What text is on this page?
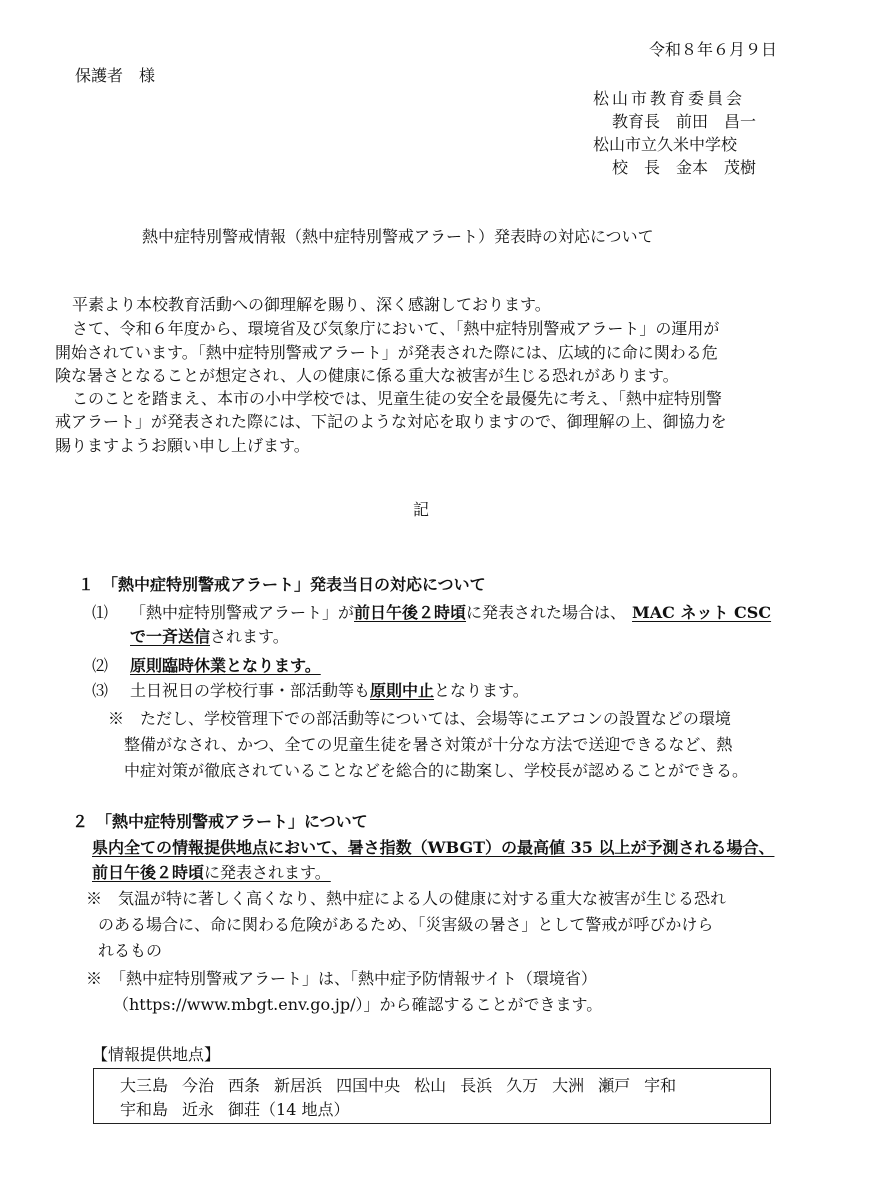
令和８年６月９日
保護者　様
松山市教育委員会
教育長　前田　昌一
松山市立久米中学校
校　長　金本　茂樹
熱中症特別警戒情報（熱中症特別警戒アラート）発表時の対応について
平素より本校教育活動への御理解を賜り、深く感謝しております。
さて、令和６年度から、環境省及び気象庁において、「熱中症特別警戒アラート」の運用が
開始されています。「熱中症特別警戒アラート」が発表された際には、広域的に命に関わる危
険な暑さとなることが想定され、人の健康に係る重大な被害が生じる恐れがあります。
このことを踏まえ、本市の小中学校では、児童生徒の安全を最優先に考え、「熱中症特別警
戒アラート」が発表された際には、下記のような対応を取りますので、御理解の上、御協力を
賜りますようお願い申し上げます。
記
１　「熱中症特別警戒アラート」発表当日の対応について
⑴ 「熱中症特別警戒アラート」が前日午後２時頃に発表された場合は、 MAC ネット CSC
で一斉送信されます。
⑵ 原則臨時休業となります。
⑶ 土日祝日の学校行事・部活動等も原則中止となります。
※　ただし、学校管理下での部活動等については、会場等にエアコンの設置などの環境
整備がなされ、かつ、全ての児童生徒を暑さ対策が十分な方法で送迎できるなど、熱
中症対策が徹底されていることなどを総合的に勘案し、学校長が認めることができる。
２　「熱中症特別警戒アラート」について
県内全ての情報提供地点において、暑さ指数（WBGT）の最高値 35 以上が予測される場合、
前日午後２時頃に発表されます。
※　気温が特に著しく高くなり、熱中症による人の健康に対する重大な被害が生じる恐れ
のある場合に、命に関わる危険があるため、「災害級の暑さ」として警戒が呼びかけら
れるもの
※　「熱中症特別警戒アラート」は、「熱中症予防情報サイト（環境省）
（https://www.mbgt.env.go.jp/）」から確認することができます。
【情報提供地点】
大三島 今治 西条 新居浜 四国中央 松山 長浜 久万 大洲 瀬戸 宇和
宇和島 近永 御荘（14 地点）
